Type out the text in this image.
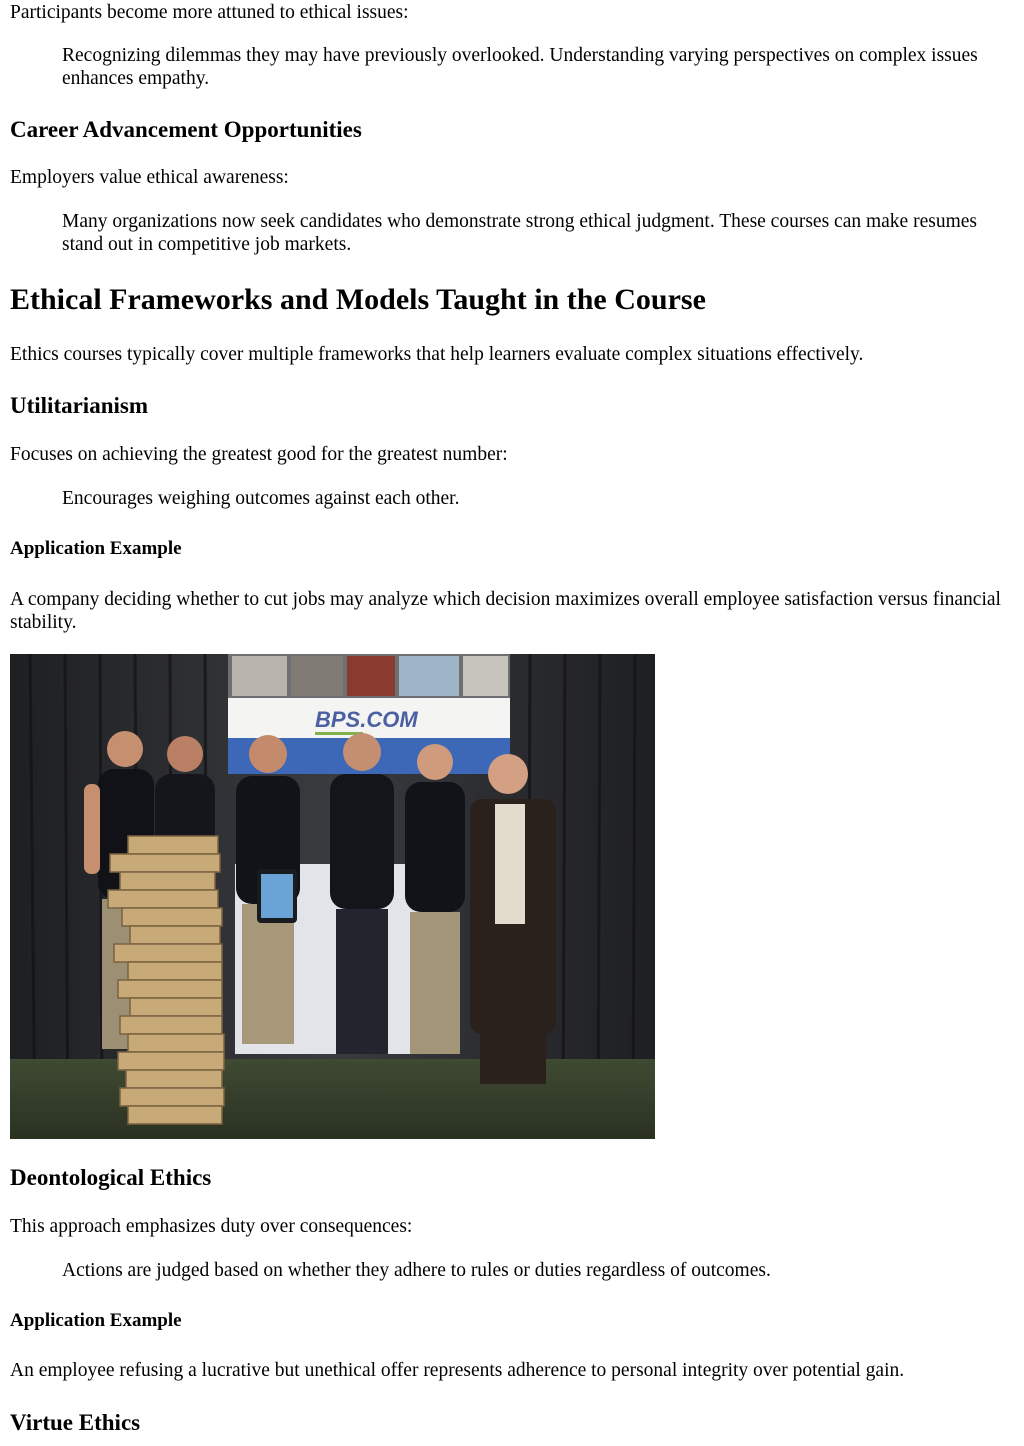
Participants become more attuned to ethical issues:

Recognizing dilemmas they may have previously overlooked. Understanding varying perspectives on complex issues enhances empathy.
Career Advancement Opportunities

Employers value ethical awareness:

Many organizations now seek candidates who demonstrate strong ethical judgment. These courses can make resumes stand out in competitive job markets.
Ethical Frameworks and Models Taught in the Course

Ethics courses typically cover multiple frameworks that help learners evaluate complex situations effectively.

Utilitarianism

Focuses on achieving the greatest good for the greatest number:

Encourages weighing outcomes against each other.
Application Example

A company deciding whether to cut jobs may analyze which decision maximizes overall employee satisfaction versus financial stability.

BPS.COM
Deontological Ethics

This approach emphasizes duty over consequences:

Actions are judged based on whether they adhere to rules or duties regardless of outcomes.
Application Example

An employee refusing a lucrative but unethical offer represents adherence to personal integrity over potential gain.

Virtue Ethics
